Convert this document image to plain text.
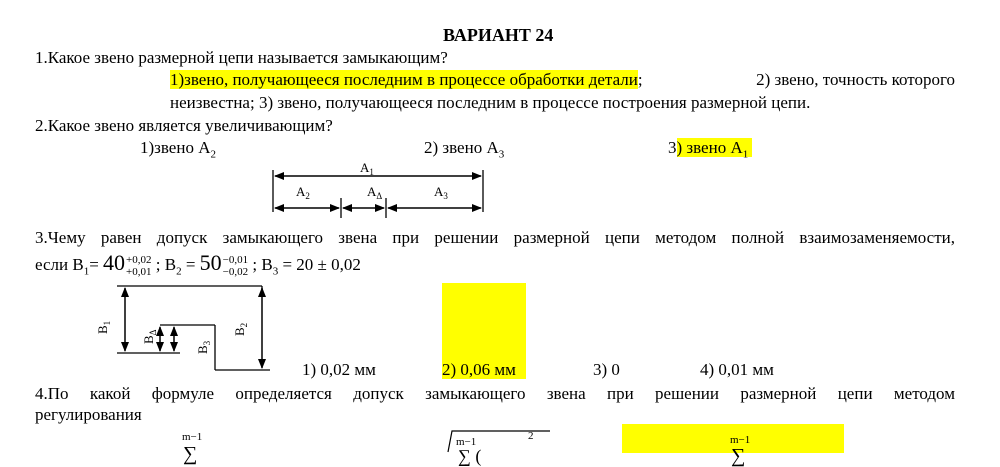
ВАРИАНТ 24
1.Какое звено размерной цепи называется замыкающим?
1)звено, получающееся последним в процессе обработки детали;	2) звено, точность которого
неизвестна; 3) звено, получающееся последним в процессе построения размерной цепи.
2.Какое звено является увеличивающим?
1)звено $А_2$	2) звено $А_3$	3) звено $А_1$
$A_1$
$A_2$	$A_\Delta$	$A_3$
3.Чему равен допуск замыкающего звена при решении размерной цепи методом полной взаимозаменяемости,
если $В_1= 40+0,02$
+0,01 ; $В_2 = 50-0,01$
−0,02 ; $В_3 = 20 \pm 0,02$
$B_1$
$B_\Delta$
$B_3$
$B_2$
1) 0,02 мм	2) 0,06 мм	3) 0	4) 0,01 мм
4.По какой формуле определяется допуск замыкающего звена при решении размерной цепи методом
регулирования
m−1
∑
m−1	2
∑ (
m−1
∑
